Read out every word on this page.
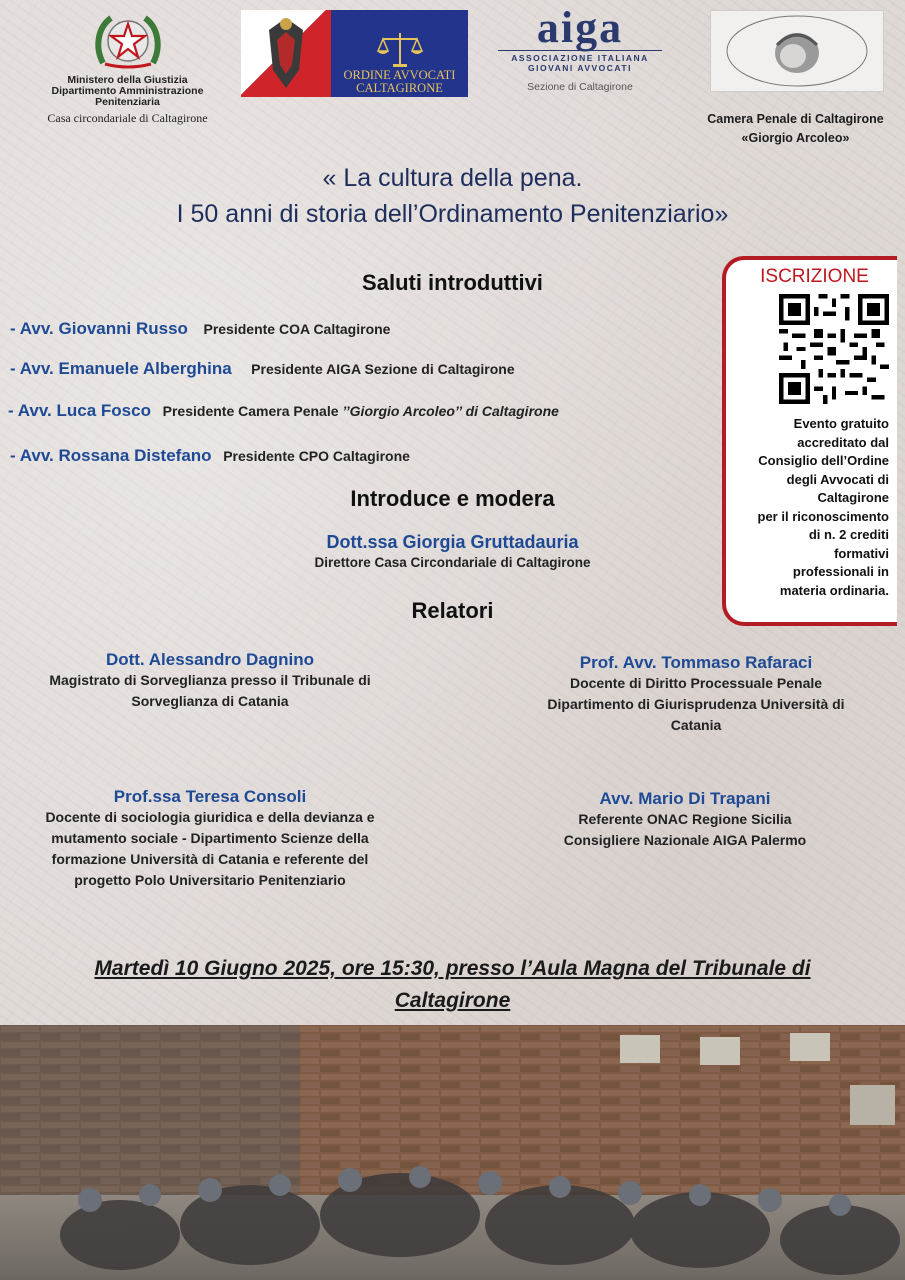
Ministero della Giustizia
Dipartimento Amministrazione
Penitenziaria
Casa circondariale di Caltagirone
ORDINE AVVOCATI
CALTAGIRONE
aiga
ASSOCIAZIONE ITALIANA
GIOVANI AVVOCATI
Sezione di Caltagirone
Camera Penale di Caltagirone
«Giorgio Arcoleo»
« La cultura della pena.
I 50 anni di storia dell’Ordinamento Penitenziario»
Saluti introduttivi
- Avv. Giovanni Russo Presidente COA Caltagirone
- Avv. Emanuele Alberghina Presidente AIGA Sezione di Caltagirone
- Avv. Luca Fosco Presidente Camera Penale ’’Giorgio Arcoleo’’ di Caltagirone
- Avv. Rossana Distefano Presidente CPO Caltagirone
Introduce e modera
Dott.ssa Giorgia Gruttadauria
Direttore Casa Circondariale di Caltagirone
Relatori
Dott. Alessandro Dagnino
Magistrato di Sorveglianza presso il Tribunale di
Sorveglianza di Catania
Prof. Avv. Tommaso Rafaraci
Docente di Diritto Processuale Penale
Dipartimento di Giurisprudenza Università di
Catania
Prof.ssa Teresa Consoli
Docente di sociologia giuridica e della devianza e
mutamento sociale - Dipartimento Scienze della
formazione Università di Catania e referente del
progetto Polo Universitario Penitenziario
Avv. Mario Di Trapani
Referente ONAC Regione Sicilia
Consigliere Nazionale AIGA Palermo
ISCRIZIONE
Evento gratuito
accreditato dal
Consiglio dell’Ordine
degli Avvocati di
Caltagirone
per il riconoscimento
di n. 2 crediti
formativi
professionali in
materia ordinaria.
Martedì 10 Giugno 2025, ore 15:30, presso l’Aula Magna del Tribunale di
Caltagirone
